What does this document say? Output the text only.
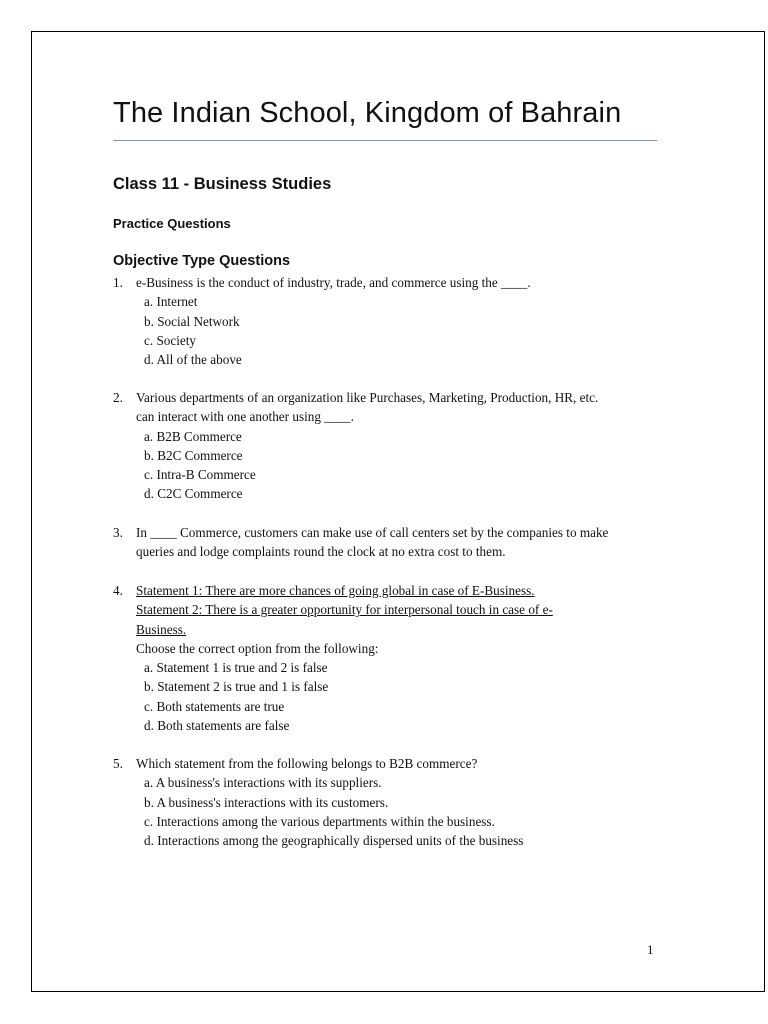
The Indian School, Kingdom of Bahrain
Class 11 - Business Studies
Practice Questions
Objective Type Questions
1. e-Business is the conduct of industry, trade, and commerce using the ____.
a. Internet
b. Social Network
c. Society
d. All of the above
2. Various departments of an organization like Purchases, Marketing, Production, HR, etc.
can interact with one another using ____.
a. B2B Commerce
b. B2C Commerce
c. Intra-B Commerce
d. C2C Commerce
3. In ____ Commerce, customers can make use of call centers set by the companies to make
queries and lodge complaints round the clock at no extra cost to them.
4. Statement 1: There are more chances of going global in case of E-Business.
Statement 2: There is a greater opportunity for interpersonal touch in case of e-
Business.
Choose the correct option from the following:
a. Statement 1 is true and 2 is false
b. Statement 2 is true and 1 is false
c. Both statements are true
d. Both statements are false
5. Which statement from the following belongs to B2B commerce?
a. A business's interactions with its suppliers.
b. A business's interactions with its customers.
c. Interactions among the various departments within the business.
d. Interactions among the geographically dispersed units of the business
1
